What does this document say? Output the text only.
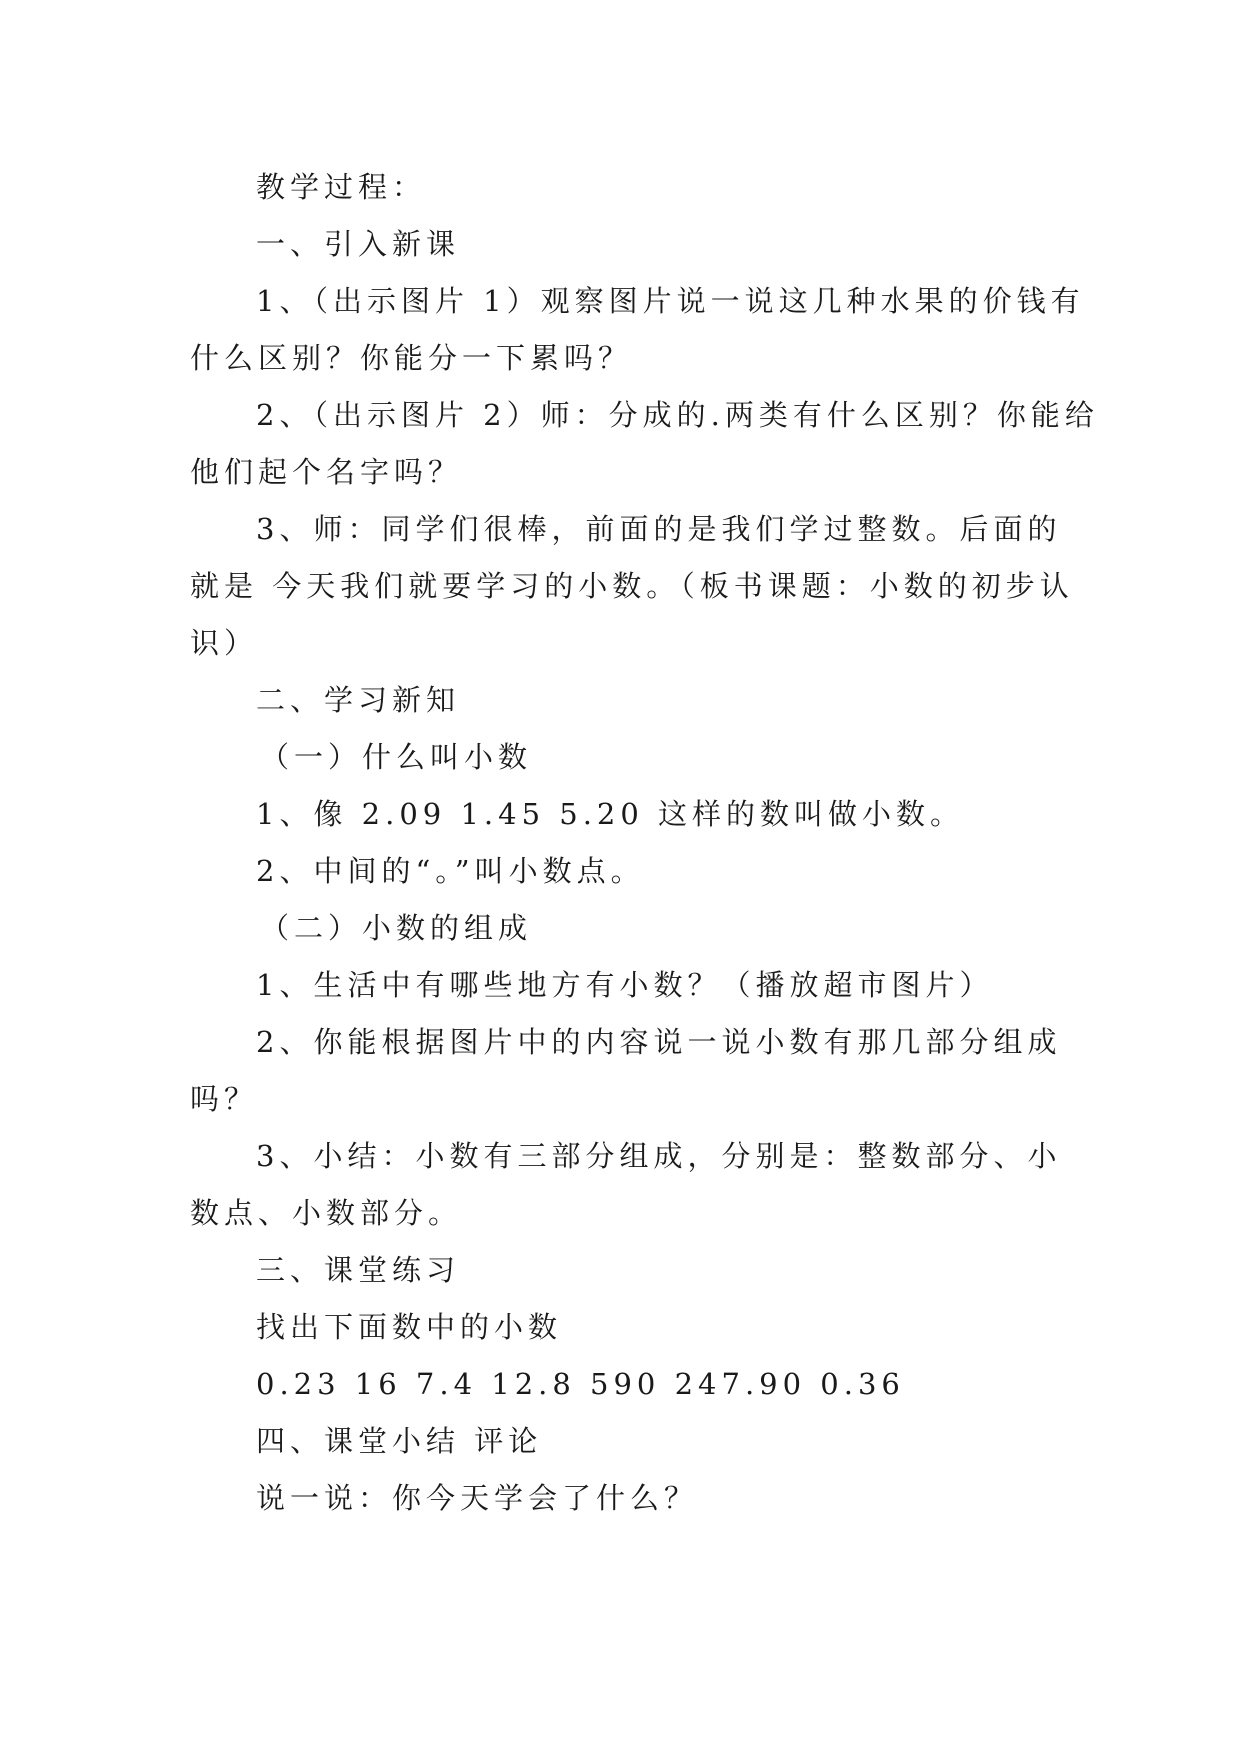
教学过程：
一、引入新课
1、（出示图片 1）观察图片说一说这几种水果的价钱有
什么区别？你能分一下累吗？
2、（出示图片 2）师：分成的.两类有什么区别？你能给
他们起个名字吗？
3、师：同学们很棒，前面的是我们学过整数。后面的
就是 今天我们就要学习的小数。（板书课题：小数的初步认
识）
二、学习新知
（一）什么叫小数
1、像 2.09 1.45 5.20 这样的数叫做小数。
2、中间的“。”叫小数点。
（二）小数的组成
1、生活中有哪些地方有小数？（播放超市图片）
2、你能根据图片中的内容说一说小数有那几部分组成
吗？
3、小结：小数有三部分组成，分别是：整数部分、小
数点、小数部分。
三、课堂练习
找出下面数中的小数
0.23 16 7.4 12.8 590 247.90 0.36
四、课堂小结 评论
说一说：你今天学会了什么？
